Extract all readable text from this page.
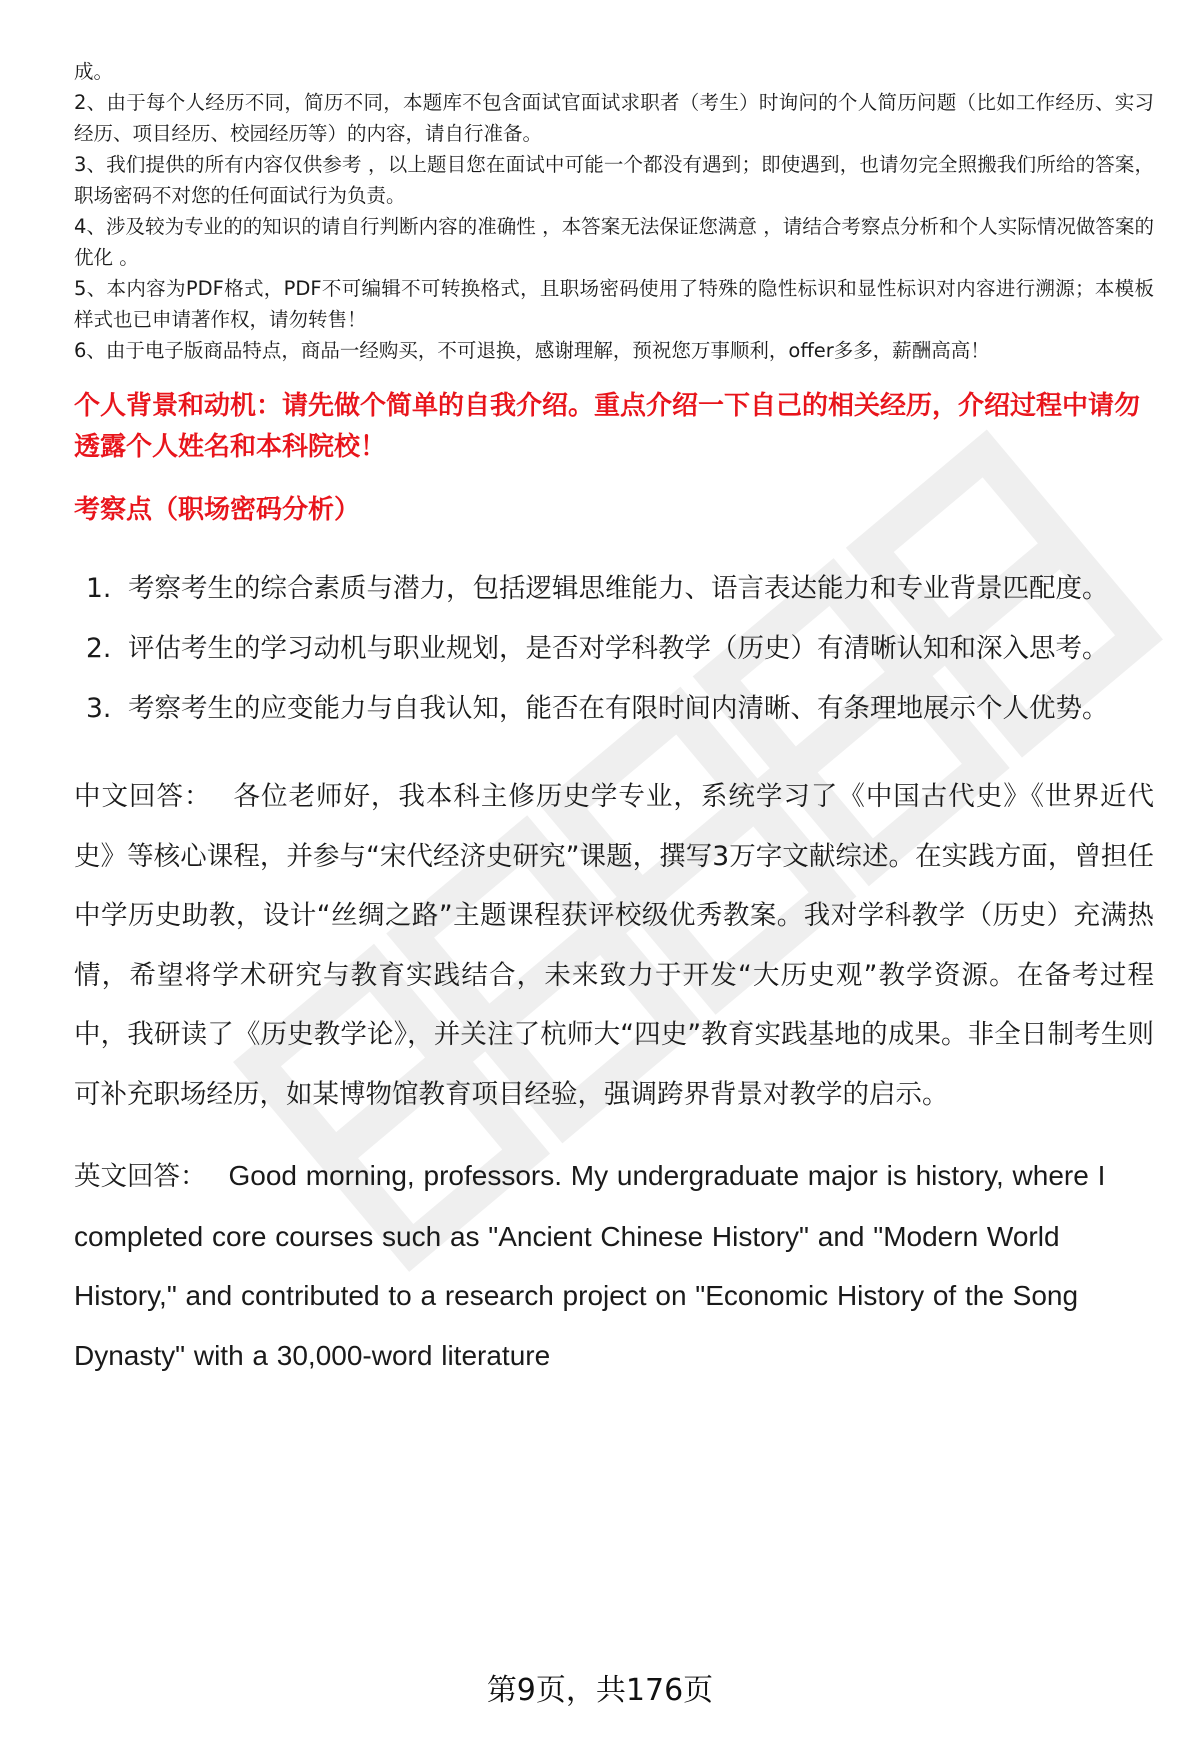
成。

2、由于每个人经历不同，简历不同，本题库不包含面试官面试求职者（考生）时询问的个人简历问题（比如工作经历、实习经历、项目经历、校园经历等）的内容，请自行准备。

3、我们提供的所有内容仅供参考 ，以上题目您在面试中可能一个都没有遇到；即使遇到，也请勿完全照搬我们所给的答案，职场密码不对您的任何面试行为负责。

4、涉及较为专业的的知识的请自行判断内容的准确性 ，本答案无法保证您满意 ，请结合考察点分析和个人实际情况做答案的优化 。

5、本内容为PDF格式，PDF不可编辑不可转换格式，且职场密码使用了特殊的隐性标识和显性标识对内容进行溯源；本模板样式也已申请著作权，请勿转售！

6、由于电子版商品特点，商品一经购买，不可退换，感谢理解，预祝您万事顺利，offer多多，薪酬高高！

个人背景和动机：请先做个简单的自我介绍。重点介绍一下自己的相关经历，介绍过程中请勿透露个人姓名和本科院校！
考察点（职场密码分析）
1. 考察考生的综合素质与潜力，包括逻辑思维能力、语言表达能力和专业背景匹配度。
2. 评估考生的学习动机与职业规划，是否对学科教学（历史）有清晰认知和深入思考。
3. 考察考生的应变能力与自我认知，能否在有限时间内清晰、有条理地展示个人优势。

中文回答： 各位老师好，我本科主修历史学专业，系统学习了《中国古代史》《世界近代史》等核心课程，并参与“宋代经济史研究”课题，撰写3万字文献综述。在实践方面，曾担任中学历史助教，设计“丝绸之路”主题课程获评校级优秀教案。我对学科教学（历史）充满热情，希望将学术研究与教育实践结合，未来致力于开发“大历史观”教学资源。在备考过程中，我研读了《历史教学论》，并关注了杭师大“四史”教育实践基地的成果。非全日制考生则可补充职场经历，如某博物馆教育项目经验，强调跨界背景对教学的启示。

英文回答： Good morning, professors. My undergraduate major is history, where I completed core courses such as "Ancient Chinese History" and "Modern World History," and contributed to a research project on "Economic History of the Song Dynasty" with a 30,000-word literature

第9页，共176页
